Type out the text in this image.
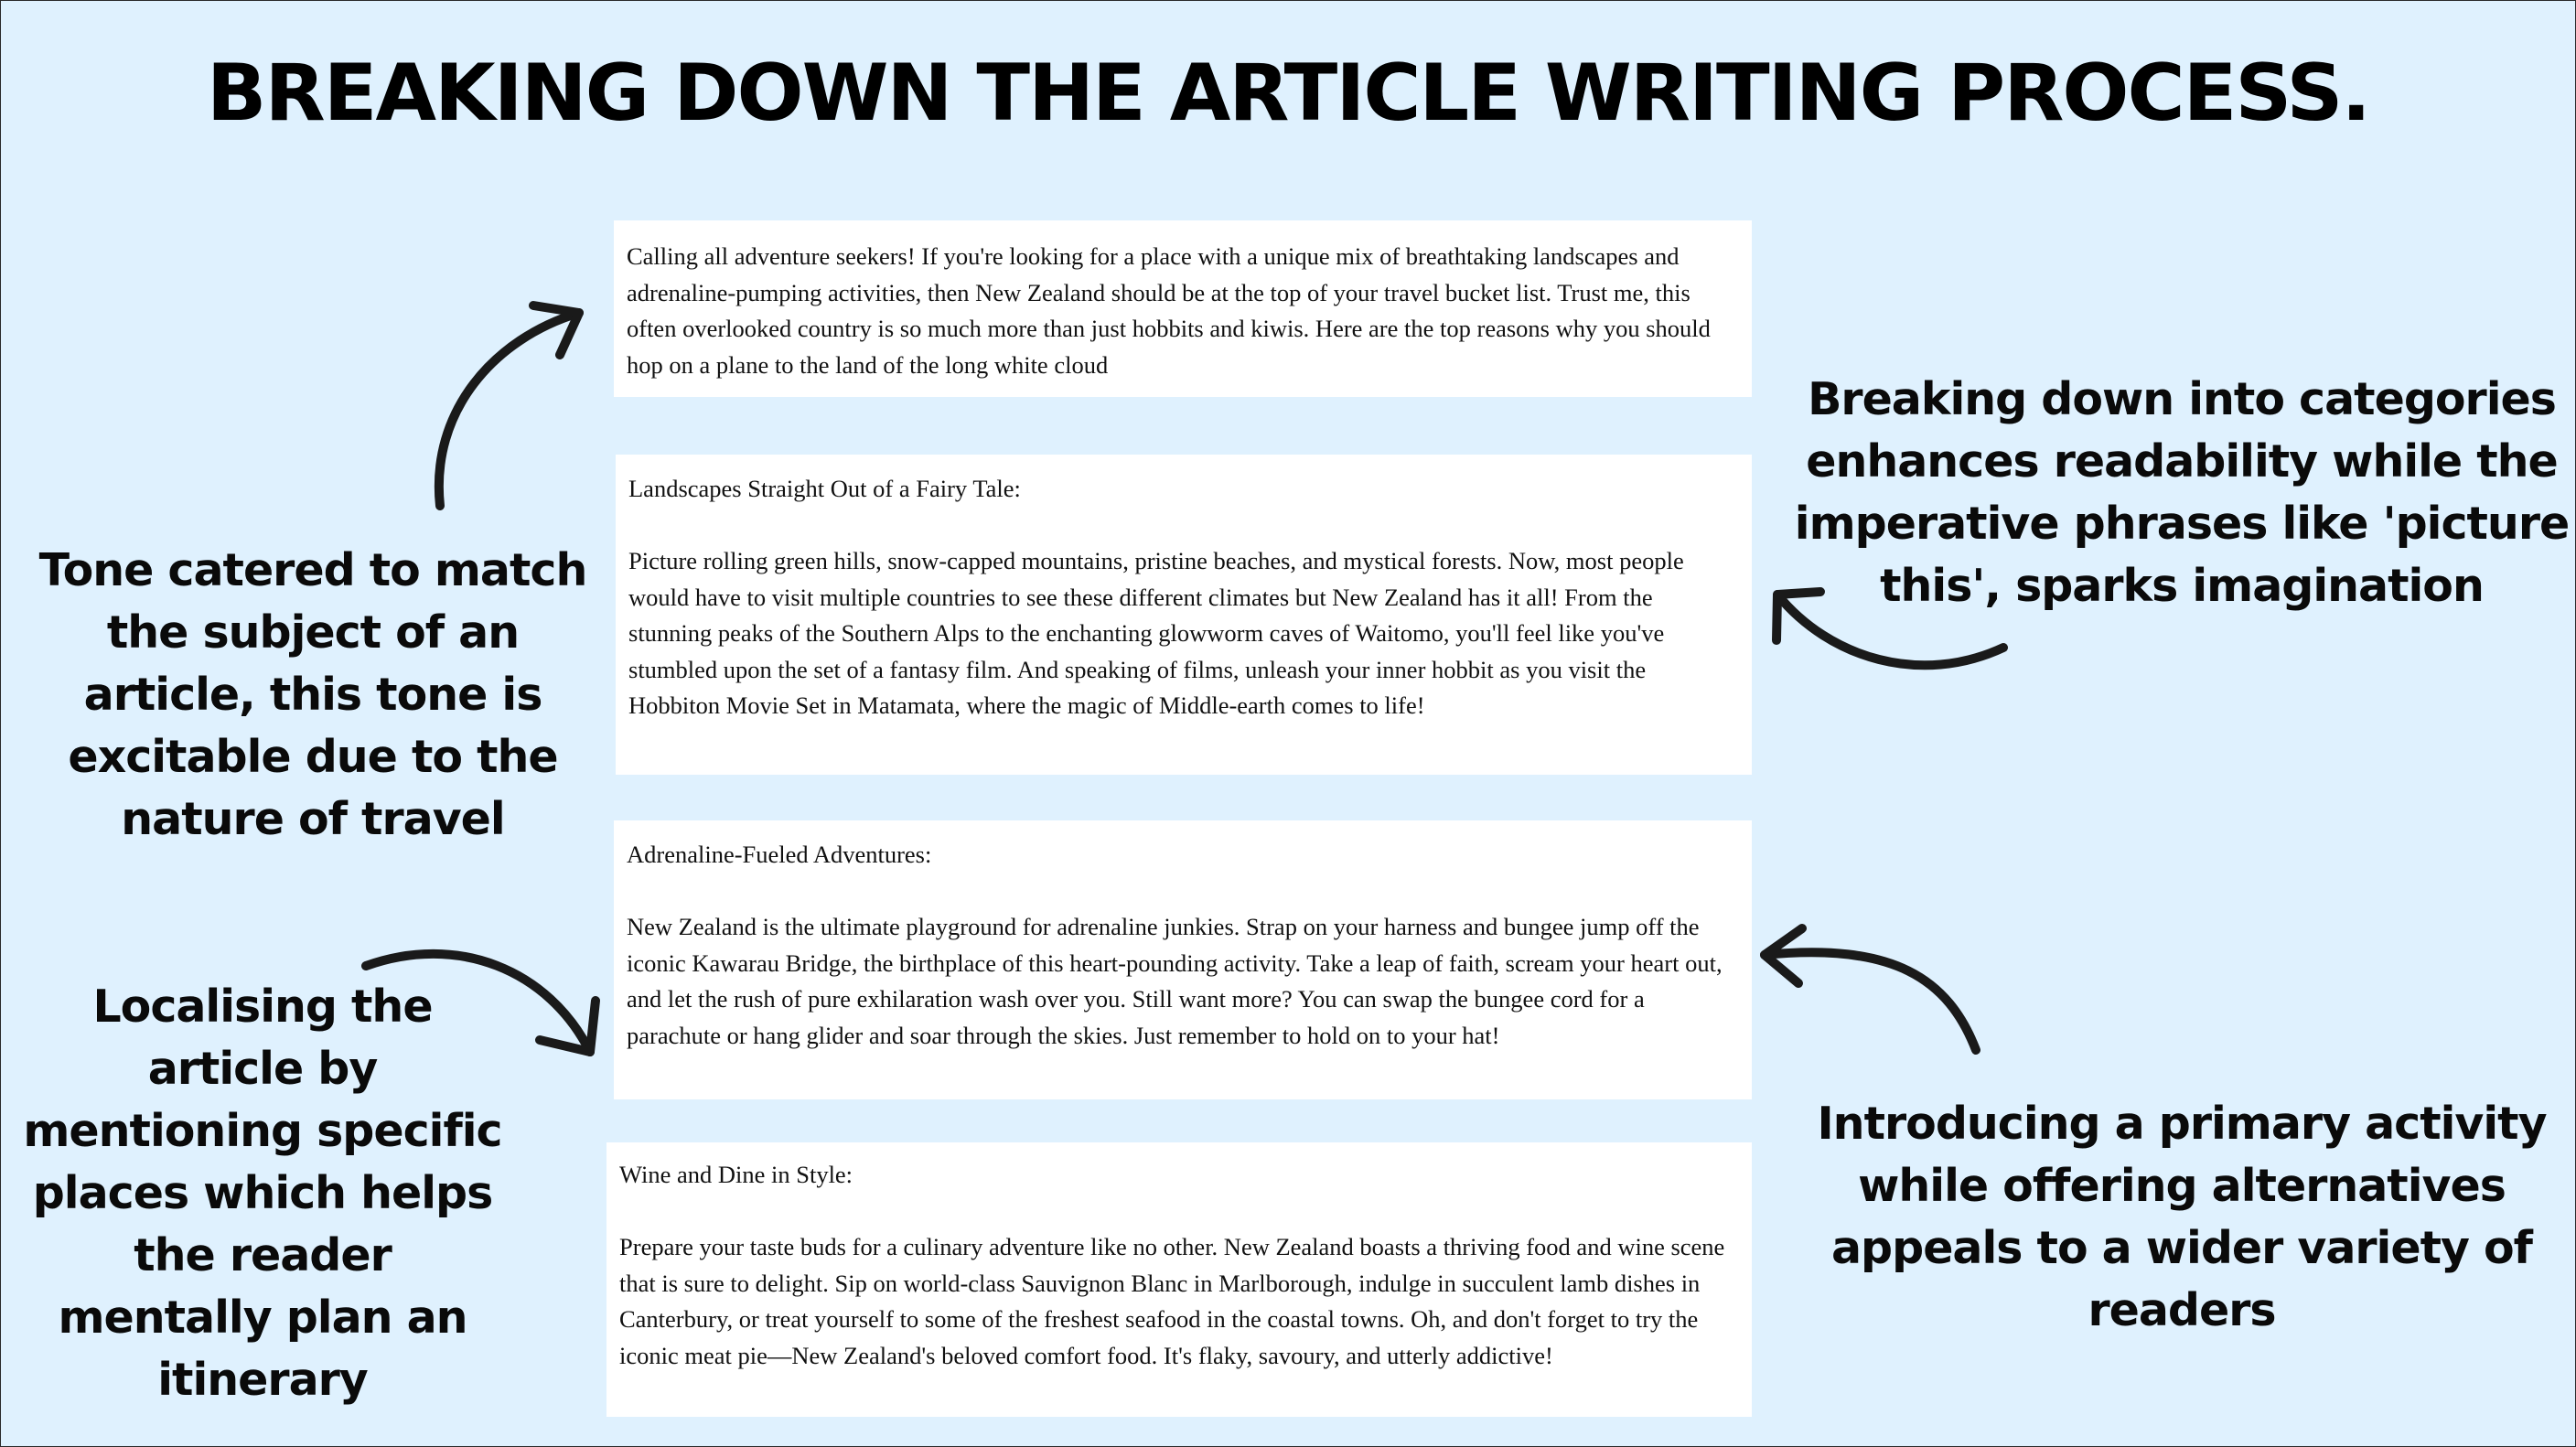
BREAKING DOWN THE ARTICLE WRITING PROCESS.

Calling all adventure seekers! If you're looking for a place with a unique mix of breathtaking landscapes and adrenaline-pumping activities, then New Zealand should be at the top of your travel bucket list. Trust me, this often overlooked country is so much more than just hobbits and kiwis. Here are the top reasons why you should hop on a plane to the land of the long white cloud

Landscapes Straight Out of a Fairy Tale:

Picture rolling green hills, snow-capped mountains, pristine beaches, and mystical forests. Now, most people would have to visit multiple countries to see these different climates but New Zealand has it all! From the stunning peaks of the Southern Alps to the enchanting glowworm caves of Waitomo, you'll feel like you've stumbled upon the set of a fantasy film. And speaking of films, unleash your inner hobbit as you visit the Hobbiton Movie Set in Matamata, where the magic of Middle-earth comes to life!

Adrenaline-Fueled Adventures:

New Zealand is the ultimate playground for adrenaline junkies. Strap on your harness and bungee jump off the iconic Kawarau Bridge, the birthplace of this heart-pounding activity. Take a leap of faith, scream your heart out, and let the rush of pure exhilaration wash over you. Still want more? You can swap the bungee cord for a parachute or hang glider and soar through the skies. Just remember to hold on to your hat!

Wine and Dine in Style:

Prepare your taste buds for a culinary adventure like no other. New Zealand boasts a thriving food and wine scene that is sure to delight. Sip on world-class Sauvignon Blanc in Marlborough, indulge in succulent lamb dishes in Canterbury, or treat yourself to some of the freshest seafood in the coastal towns. Oh, and don't forget to try the iconic meat pie—New Zealand's beloved comfort food. It's flaky, savoury, and utterly addictive!

Tone catered to match the subject of an article, this tone is excitable due to the nature of travel
Localising the article by mentioning specific places which helps the reader mentally plan an itinerary
Breaking down into categories enhances readability while the imperative phrases like 'picture this', sparks imagination
Introducing a primary activity while offering alternatives appeals to a wider variety of readers
